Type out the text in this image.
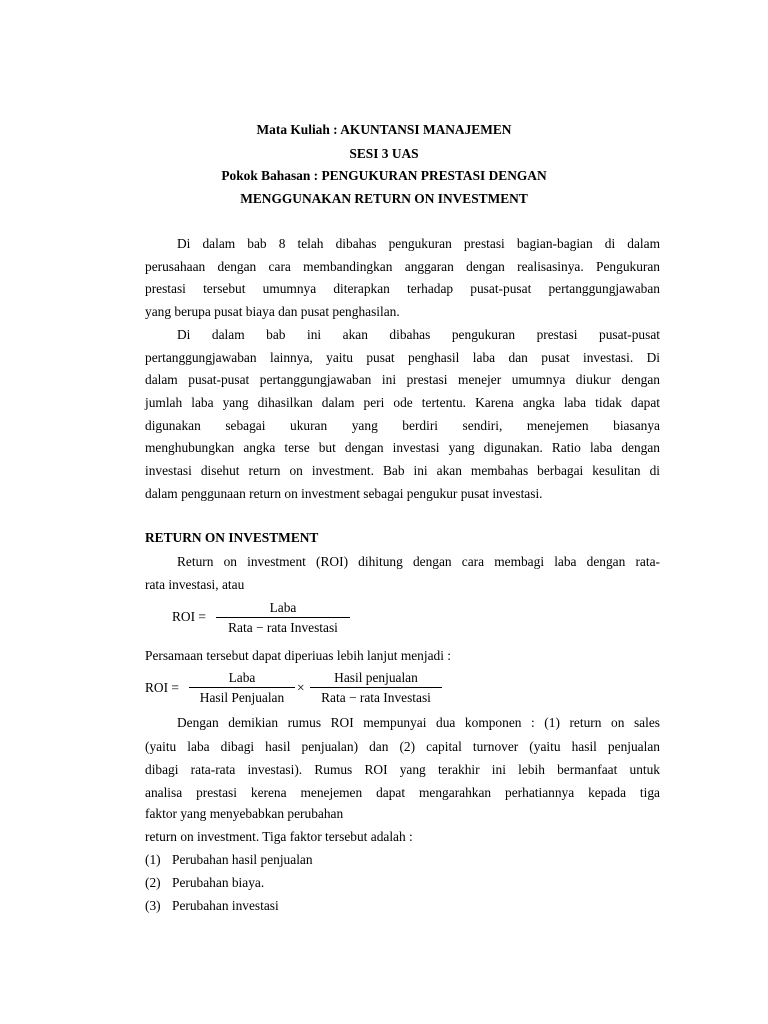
Mata Kuliah : AKUNTANSI MANAJEMEN
SESI 3 UAS
Pokok Bahasan : PENGUKURAN PRESTASI DENGAN
MENGGUNAKAN RETURN ON INVESTMENT
Di dalam bab 8 telah dibahas pengukuran prestasi bagian-bagian di dalam
perusahaan dengan cara membandingkan anggaran dengan realisasinya. Pengukuran
prestasi tersebut umumnya diterapkan terhadap pusat-pusat pertanggungjawaban
yang berupa pusat biaya dan pusat penghasilan.
Di dalam bab ini akan dibahas pengukuran prestasi pusat-pusat
pertanggungjawaban lainnya, yaitu pusat penghasil laba dan pusat investasi. Di
dalam pusat-pusat pertanggungjawaban ini prestasi menejer umumnya diukur dengan
jumlah laba yang dihasilkan dalam peri ode tertentu. Karena angka laba tidak dapat
digunakan sebagai ukuran yang berdiri sendiri, menejemen biasanya
menghubungkan angka terse but dengan investasi yang digunakan. Ratio laba dengan
investasi disehut return on investment. Bab ini akan membahas berbagai kesulitan di
dalam penggunaan return on investment sebagai pengukur pusat investasi.
RETURN ON INVESTMENT
Return on investment (ROI) dihitung dengan cara membagi laba dengan rata-
rata investasi, atau
ROI =
Laba
Rata − rata Investasi
Persamaan tersebut dapat diperiuas lebih lanjut menjadi :
ROI =
Laba
Hasil Penjualan
×
Hasil penjualan
Rata − rata Investasi
Dengan demikian rumus ROI mempunyai dua komponen : (1) return on sales
(yaitu laba dibagi hasil penjualan) dan (2) capital turnover (yaitu hasil penjualan
dibagi rata-rata investasi). Rumus ROI yang terakhir ini lebih bermanfaat untuk
analisa prestasi kerena menejemen dapat mengarahkan perhatiannya kepada tiga
faktor yang menyebabkan perubahan
return on investment. Tiga faktor tersebut adalah :
(1) Perubahan hasil penjualan
(2) Perubahan biaya.
(3) Perubahan investasi
